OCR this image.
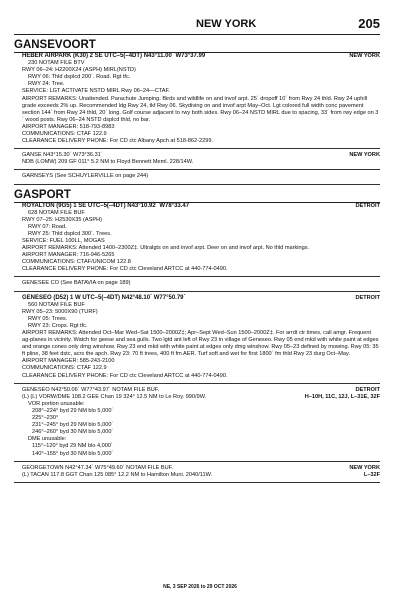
NEW YORK	205
GANSEVOORT
NEW YORK
HEBER AIRPARK (K30) 2 SE UTC–5(–4DT) N43°11.00´ W73°37.99´
230 NOTAM FILE BTV
RWY 06–24: H2200X24 (ASPH) MIRL(NSTD)
RWY 06: Thld dsplcd 200´. Road. Rgt tfc.
RWY 24: Tree.
SERVICE: LGT ACTIVATE NSTD MIRL Rwy 06–24—CTAF.
AIRPORT REMARKS: Unattended. Parachute Jumping. Birds and wildlife on and invof arpt. 25´ dropoff 10´ from Rwy 24 thld. Rwy 24 uphill grade exceeds 2% up. Recommended ldg Rwy 24, tkf Rwy 06. Skydiving on and invof arpt May–Oct. Lgt colored full width conc pavement section 144´ from Rwy 24 thld, 20´ long. Golf course adjacent to rwy both sides. Rwy 06–24 NSTD MIRL due to spacing, 33´ from rwy edge on 3´ wood posts. Rwy 06–24 NSTD dsplcd thld, no bar.
AIRPORT MANAGER: 518-793-8983
COMMUNICATIONS: CTAF 122.9
CLEARANCE DELIVERY PHONE: For CD ctc Albany Apch at 518-862-2299.
NEW YORK
GANSE N43°15.30´ W73°36.31´
NDB (LOMW) 209 GF 011° 5.2 NM to Floyd Bennett Meml. 228/14W.
GARNSEYS (See SCHUYLERVILLE on page 244)
GASPORT
DETROIT
ROYALTON (9G5) 1 SE UTC–5(–4DT) N43°10.92´ W78°33.47´
628 NOTAM FILE BUF
RWY 07–25: H2530X35 (ASPH)
RWY 07: Road.
RWY 25: Thld dsplcd 300´. Trees.
SERVICE: FUEL 100LL, MOGAS
AIRPORT REMARKS: Attended 1400–2300Z‡. Ultralgts on and invof arpt. Deer on and invof arpt. No thld markings.
AIRPORT MANAGER: 716-946-5265
COMMUNICATIONS: CTAF/UNICOM 122.8
CLEARANCE DELIVERY PHONE: For CD ctc Cleveland ARTCC at 440-774-0490.
GENESEE CO (See BATAVIA on page 189)
DETROIT
GENESEO (D52) 1 W UTC–5(–4DT) N42°48.10´ W77°50.79´
560 NOTAM FILE BUF
RWY 05–23: 5000X90 (TURF)
RWY 05: Trees.
RWY 23: Crops. Rgt tfc.
AIRPORT REMARKS: Attended Oct–Mar Wed–Sat 1500–2000Z‡; Apr–Sept Wed–Sun 1500–2000Z‡. For arrdt ctr times, call amgr. Frequent ag-planes in vicinity. Watch for geese and sea gulls. Two lgtd ant left of Rwy 23 in village of Geneseo. Rwy 05 end mkd with white paint at edges and orange cones only dmg winshow. Rwy 23 end mkd with white paint at edges only dmg winshow. Rwy 05–23 defined by mowing. Rwy 05: 35 ft pline, 38 feet dstc, acrs the apch. Rwy 23: 70 ft trees, 400 ft fm AER. Turf soft and wet for first 1800´ fm thld Rwy 23 durg Oct–May.
AIRPORT MANAGER: 585-243-2100
COMMUNICATIONS: CTAF 122.9
CLEARANCE DELIVERY PHONE: For CD ctc Cleveland ARTCC at 440-774-0490.
DETROIT
H–10H, 11C, 12J, L–31E, 32F
GENESEO N42°50.06´ W77°43.97´ NOTAM FILE BUF.
(L) (L) VORW/DME 108.2 GEE Chan 19 324° 12.5 NM to Le Roy. 990/9W.
VOR portion unusable:
208°–224° byd 29 NM blo 5,000´
225°–230°
231°–245° byd 29 NM blo 5,000´
246°–260° byd 30 NM blo 5,000´
DME unusable:
115°–120° byd 29 NM blo 4,000´
140°–155° byd 30 NM blo 5,000´
NEW YORK
L–32F
GEORGETOWN N42°47.34´ W75°49.60´ NOTAM FILE BUF.
(L) TACAN 117.8 GGT Chan 125 085° 12.2 NM to Hamilton Muni. 2040/11W.
NE, 3 SEP 2026 to 29 OCT 2026
